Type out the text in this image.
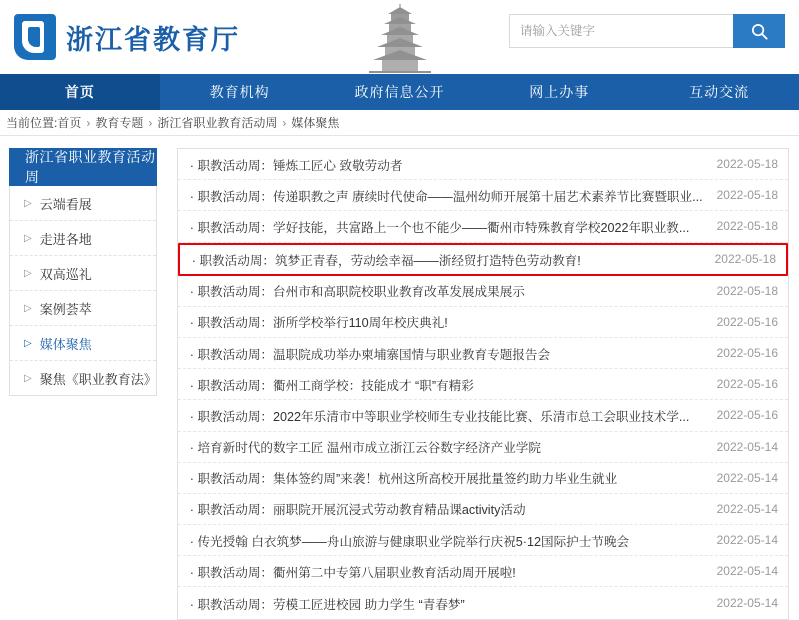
浙江省教育厅
请输入关键字
首页	教育机构	政府信息公开	网上办事	互动交流
当前位置: 首页 › 教育专题 › 浙江省职业教育活动周 › 媒体聚焦
浙江省职业教育活动周
▷ 云端看展
▷ 走进各地
▷ 双高巡礼
▷ 案例荟萃
▷ 媒体聚焦
▷ 聚焦《职业教育法》
· 职教活动周：锤炼工匠心 致敬劳动者	2022-05-18
· 职教活动周：传递职教之声 赓续时代使命——温州幼师开展第十届艺术素养节比赛暨职业...	2022-05-18
· 职教活动周：学好技能，共富路上一个也不能少——衢州市特殊教育学校2022年职业教...	2022-05-18
· 职教活动周：筑梦正青春，劳动绘幸福——浙经贸打造特色劳动教育!	2022-05-18
· 职教活动周：台州市和高职院校职业教育改革发展成果展示	2022-05-18
· 职教活动周：浙所学校举行110周年校庆典礼!	2022-05-16
· 职教活动周：温职院成功举办柬埔寨国情与职业教育专题报告会	2022-05-16
· 职教活动周：衢州工商学校：技能成才 “职”有精彩	2022-05-16
· 职教活动周：2022年乐清市中等职业学校师生专业技能比赛、乐清市总工会职业技术学...	2022-05-16
· 培育新时代的数字工匠 温州市成立浙江云谷数字经济产业学院	2022-05-14
· 职教活动周：集体签约周”来袭！杭州这所高校开展批量签约助力毕业生就业	2022-05-14
· 职教活动周：丽职院开展沉浸式劳动教育精品课activity活动	2022-05-14
· 传光授翰 白衣筑梦——舟山旅游与健康职业学院举行庆祝5·12国际护士节晚会	2022-05-14
· 职教活动周：衢州第二中专第八届职业教育活动周开展啦!	2022-05-14
· 职教活动周：劳模工匠进校园 助力学生 “青春梦”	2022-05-14
